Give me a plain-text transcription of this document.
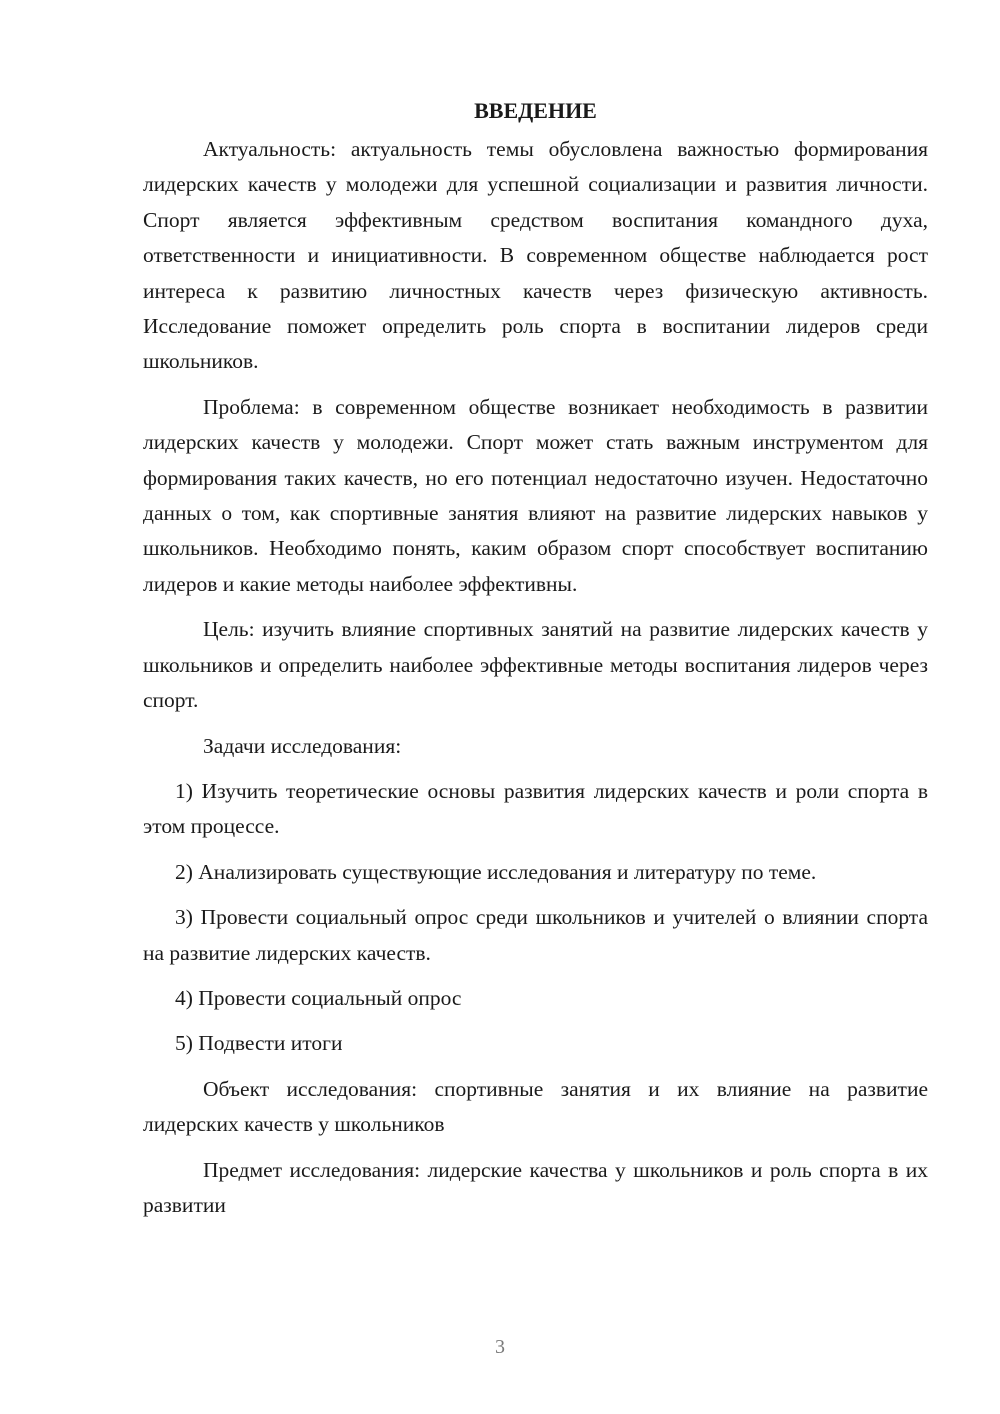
ВВЕДЕНИЕ

Актуальность: актуальность темы обусловлена важностью формирования лидерских качеств у молодежи для успешной социализации и развития личности. Спорт является эффективным средством воспитания командного духа, ответственности и инициативности. В современном обществе наблюдается рост интереса к развитию личностных качеств через физическую активность. Исследование поможет определить роль спорта в воспитании лидеров среди школьников.

Проблема: в современном обществе возникает необходимость в развитии лидерских качеств у молодежи. Спорт может стать важным инструментом для формирования таких качеств, но его потенциал недостаточно изучен. Недостаточно данных о том, как спортивные занятия влияют на развитие лидерских навыков у школьников. Необходимо понять, каким образом спорт способствует воспитанию лидеров и какие методы наиболее эффективны.

Цель: изучить влияние спортивных занятий на развитие лидерских качеств у школьников и определить наиболее эффективные методы воспитания лидеров через спорт.

Задачи исследования:

1) Изучить теоретические основы развития лидерских качеств и роли спорта в этом процессе.

2) Анализировать существующие исследования и литературу по теме.

3) Провести социальный опрос среди школьников и учителей о влиянии спорта на развитие лидерских качеств.

4) Провести социальный опрос

5) Подвести итоги

Объект исследования: спортивные занятия и их влияние на развитие лидерских качеств у школьников

Предмет исследования: лидерские качества у школьников и роль спорта в их развитии

3
